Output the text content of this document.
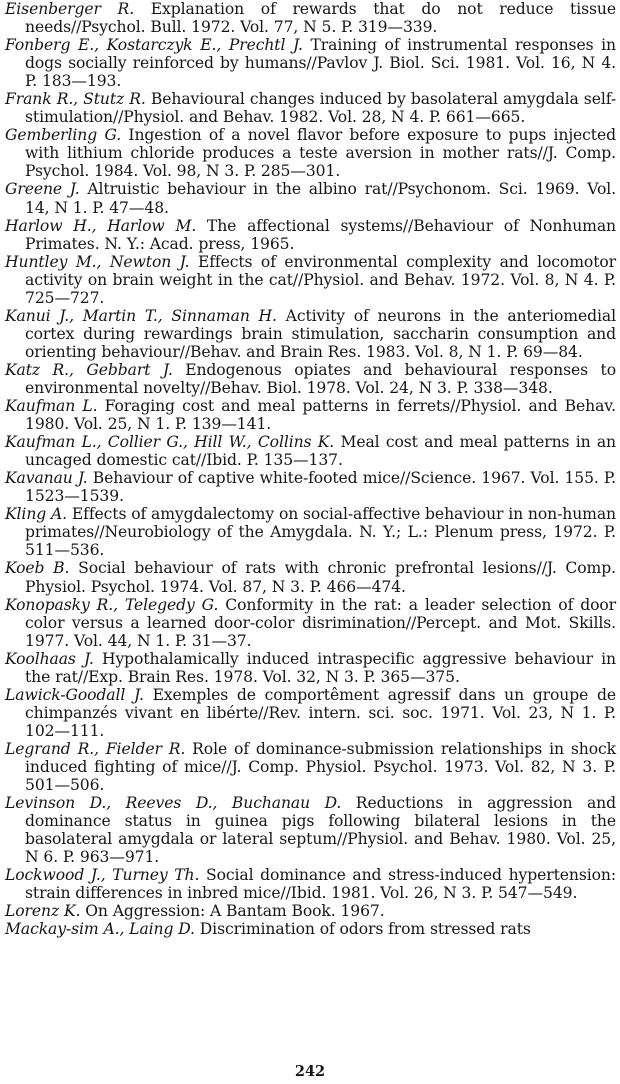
Eisenberger R. Explanation of rewards that do not reduce tissue needs//Psychol. Bull. 1972. Vol. 77, N 5. P. 319—339.
Fonberg E., Kostarczyk E., Prechtl J. Training of instrumental responses in dogs socially reinforced by humans//Pavlov J. Biol. Sci. 1981. Vol. 16, N 4. P. 183—193.
Frank R., Stutz R. Behavioural changes induced by basolateral amygdala self-stimulation//Physiol. and Behav. 1982. Vol. 28, N 4. P. 661—665.
Gemberling G. Ingestion of a novel flavor before exposure to pups injected with lithium chloride produces a teste aversion in mother rats//J. Comp. Psychol. 1984. Vol. 98, N 3. P. 285—301.
Greene J. Altruistic behaviour in the albino rat//Psychonom. Sci. 1969. Vol. 14, N 1. P. 47—48.
Harlow H., Harlow M. The affectional systems//Behaviour of Nonhuman Primates. N. Y.: Acad. press, 1965.
Huntley M., Newton J. Effects of environmental complexity and locomotor activity on brain weight in the cat//Physiol. and Behav. 1972. Vol. 8, N 4. P. 725—727.
Kanui J., Martin T., Sinnaman H. Activity of neurons in the anteriomedial cortex during rewardings brain stimulation, saccharin consumption and orienting behaviour//Behav. and Brain Res. 1983. Vol. 8, N 1. P. 69—84.
Katz R., Gebbart J. Endogenous opiates and behavioural responses to environmental novelty//Behav. Biol. 1978. Vol. 24, N 3. P. 338—348.
Kaufman L. Foraging cost and meal patterns in ferrets//Physiol. and Behav. 1980. Vol. 25, N 1. P. 139—141.
Kaufman L., Collier G., Hill W., Collins K. Meal cost and meal patterns in an uncaged domestic cat//Ibid. P. 135—137.
Kavanau J. Behaviour of captive white-footed mice//Science. 1967. Vol. 155. P. 1523—1539.
Kling A. Effects of amygdalectomy on social-affective behaviour in non-human primates//Neurobiology of the Amygdala. N. Y.; L.: Plenum press, 1972. P. 511—536.
Koeb B. Social behaviour of rats with chronic prefrontal lesions//J. Comp. Physiol. Psychol. 1974. Vol. 87, N 3. P. 466—474.
Konopasky R., Telegedy G. Conformity in the rat: a leader selection of door color versus a learned door-color disrimination//Percept. and Mot. Skills. 1977. Vol. 44, N 1. P. 31—37.
Koolhaas J. Hypothalamically induced intraspecific aggressive behaviour in the rat//Exp. Brain Res. 1978. Vol. 32, N 3. P. 365—375.
Lawick-Goodall J. Exemples de comportêment agressif dans un groupe de chimpanzés vivant en libérte//Rev. intern. sci. soc. 1971. Vol. 23, N 1. P. 102—111.
Legrand R., Fielder R. Role of dominance-submission relationships in shock induced fighting of mice//J. Comp. Physiol. Psychol. 1973. Vol. 82, N 3. P. 501—506.
Levinson D., Reeves D., Buchanau D. Reductions in aggression and dominance status in guinea pigs following bilateral lesions in the basolateral amygdala or lateral septum//Physiol. and Behav. 1980. Vol. 25, N 6. P. 963—971.
Lockwood J., Turney Th. Social dominance and stress-induced hypertension: strain differences in inbred mice//Ibid. 1981. Vol. 26, N 3. P. 547—549.
Lorenz K. On Aggression: A Bantam Book. 1967.
Mackay-sim A., Laing D. Discrimination of odors from stressed rats
242
